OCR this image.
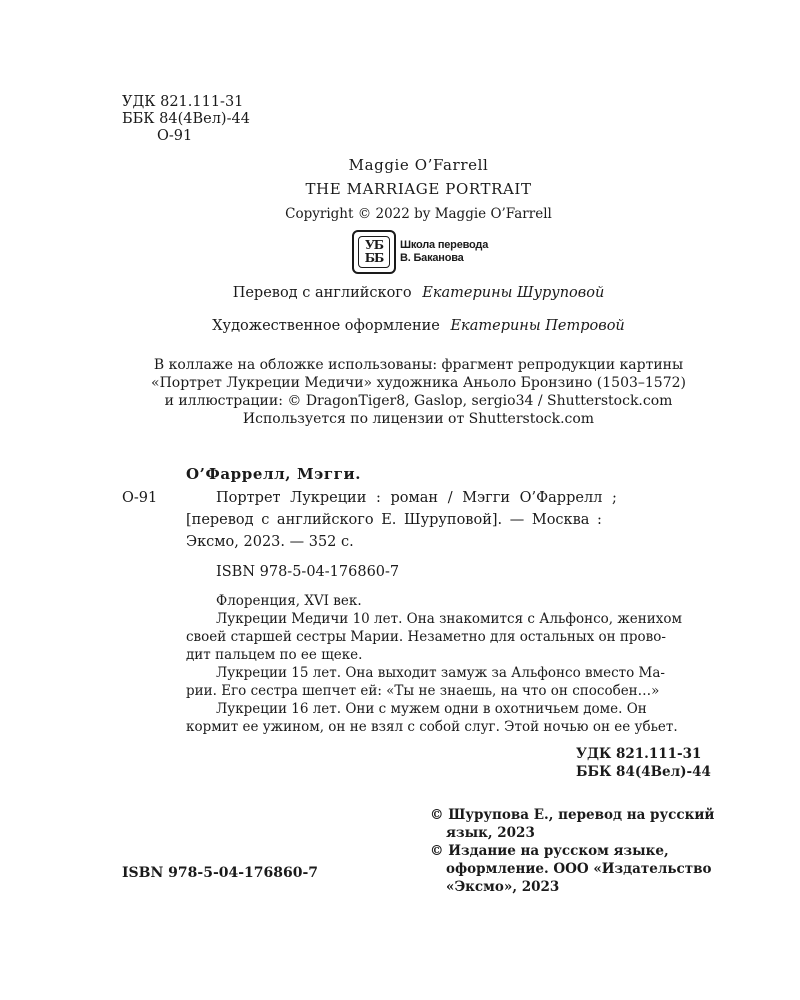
УДК 821.111-31
ББК 84(4Вел)-44
О-91
Maggie O’Farrell
THE MARRIAGE PORTRAIT
Copyright © 2022 by Maggie O’Farrell
УБ
ББ
Школа перевода
В. Баканова
Перевод с английского Екатерины Шуруповой
Художественное оформление Екатерины Петровой
В коллаже на обложке использованы: фрагмент репродукции картины
«Портрет Лукреции Медичи» художника Аньоло Бронзино (1503–1572)
и иллюстрации: © DragonTiger8, Gaslop, sergio34 / Shutterstock.com
Используется по лицензии от Shutterstock.com
О’Фаррелл, Мэгги.
О-91	Портрет Лукреции : роман / Мэгги О’Фаррелл ;
[перевод с английского Е. Шуруповой]. — Москва :
Эксмо, 2023. — 352 с.
ISBN 978-5-04-176860-7
Флоренция, XVI век.
Лукреции Медичи 10 лет. Она знакомится с Альфонсо, женихом
своей старшей сестры Марии. Незаметно для остальных он прово-
дит пальцем по ее щеке.
Лукреции 15 лет. Она выходит замуж за Альфонсо вместо Ма-
рии. Его сестра шепчет ей: «Ты не знаешь, на что он способен…»
Лукреции 16 лет. Они с мужем одни в охотничьем доме. Он
кормит ее ужином, он не взял с собой слуг. Этой ночью он ее убьет.
УДК 821.111-31
ББК 84(4Вел)-44
ISBN 978-5-04-176860-7
© Шурупова Е., перевод на русский
язык, 2023
© Издание на русском языке,
оформление. ООО «Издательство
«Эксмо», 2023
